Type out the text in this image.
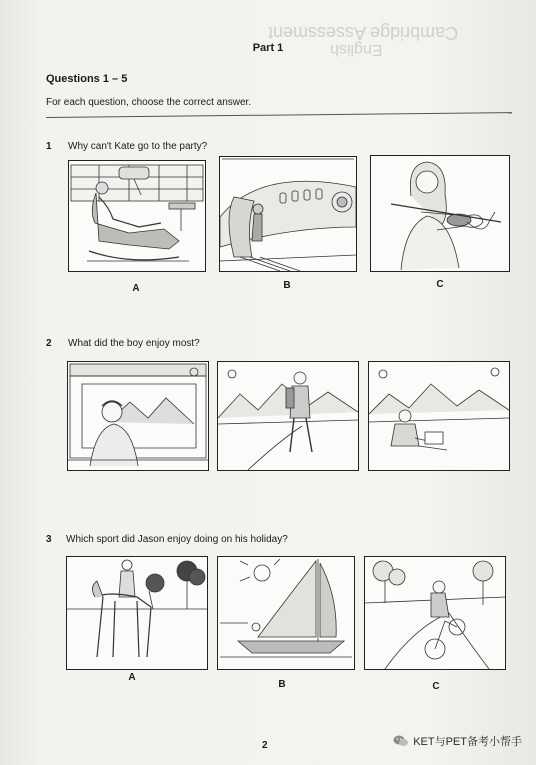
Cambridge Assessment
English
Part 1
Questions 1 – 5
For each question, choose the correct answer.
1 Why can't Kate go to the party?
A	B	C
2 What did the boy enjoy most?
3 Which sport did Jason enjoy doing on his holiday?
A
B	C
2	KET与PET备考小帮手
